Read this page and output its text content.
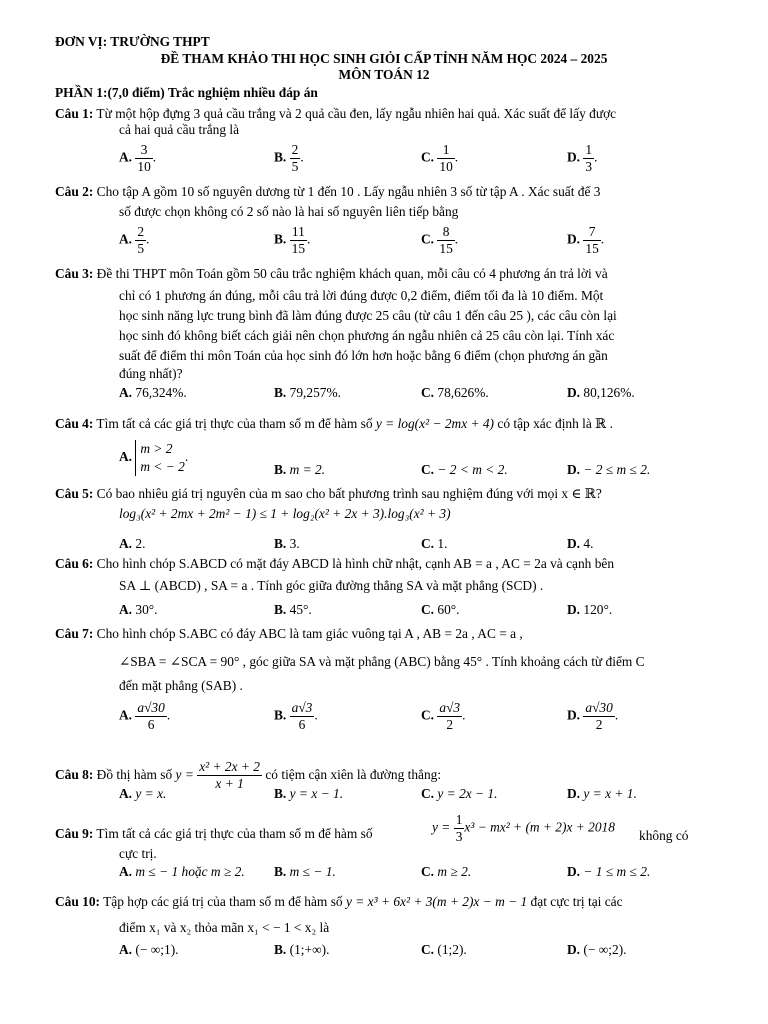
ĐƠN VỊ: TRƯỜNG THPT
ĐỀ THAM KHẢO THI HỌC SINH GIỎI CẤP TỈNH NĂM HỌC 2024 – 2025
MÔN TOÁN 12
PHẦN 1:(7,0 điểm) Trắc nghiệm nhiều đáp án
Câu 1: Từ một hộp đựng 3 quả cầu trắng và 2 quả cầu đen, lấy ngẫu nhiên hai quả. Xác suất để lấy được
cả hai quả cầu trắng là
A. $\frac{3}{10}$ .	B. $\frac{2}{5}$ .	C. $\frac{1}{10}$ .	D. $\frac{1}{3}$ .
Câu 2: Cho tập A gồm 10 số nguyên dương từ 1 đến 10 . Lấy ngẫu nhiên 3 số từ tập A . Xác suất để 3
số được chọn không có 2 số nào là hai số nguyên liên tiếp bằng
A. $\frac{2}{5}$ .	B. $\frac{11}{15}$ .	C. $\frac{8}{15}$ .	D. $\frac{7}{15}$ .
Câu 3: Đề thi THPT môn Toán gồm 50 câu trắc nghiệm khách quan, mỗi câu có 4 phương án trả lời và
chỉ có 1 phương án đúng, mỗi câu trả lời đúng được 0,2 điểm, điểm tối đa là 10 điểm. Một
học sinh năng lực trung bình đã làm đúng được 25 câu (từ câu 1 đến câu 25 ), các câu còn lại
học sinh đó không biết cách giải nên chọn phương án ngẫu nhiên cả 25 câu còn lại. Tính xác
suất để điểm thi môn Toán của học sinh đó lớn hơn hoặc bằng 6 điểm (chọn phương án gần
đúng nhất)?
A. 76,324%.	B. 79,257%.	C. 78,626%.	D. 80,126%.
Câu 4: Tìm tất cả các giá trị thực của tham số m để hàm số y = log(x² − 2mx + 4) có tập xác định là ℝ .
A.
m > 2
m < − 2
.
B. m = 2.	C. − 2 < m < 2.	D. − 2 ≤ m ≤ 2.
Câu 5: Có bao nhiêu giá trị nguyên của m sao cho bất phương trình sau nghiệm đúng với mọi x ∈ ℝ?
log₃(x² + 2mx + 2m² − 1) ≤ 1 + log₂(x² + 2x + 3).log₃(x² + 3)
A. 2.	B. 3.	C. 1.	D. 4.
Câu 6: Cho hình chóp S.ABCD có mặt đáy ABCD là hình chữ nhật, cạnh AB = a , AC = 2a và cạnh bên
SA ⊥ (ABCD) , SA = a . Tính góc giữa đường thẳng SA và mặt phẳng (SCD) .
A. 30°.	B. 45°.	C. 60°.	D. 120°.
Câu 7: Cho hình chóp S.ABC có đáy ABC là tam giác vuông tại A , AB = 2a , AC = a ,
∠SBA = ∠SCA = 90° , góc giữa SA và mặt phẳng (ABC) bằng 45° . Tính khoảng cách từ điểm C
đến mặt phẳng (SAB) .
A. $\frac{a√30}{6}$ .	B. $\frac{a√3}{6}$ .	C. $\frac{a√3}{2}$ .	D. $\frac{a√30}{2}$ .
Câu 8: Đồ thị hàm số $y = \frac{\text{x² + 2x + 2}}{x + 1}$ có tiệm cận xiên là đường thẳng:
A. y = x.	B. y = x − 1.	C. y = 2x − 1.	D. y = x + 1.
Câu 9: Tìm tất cả các giá trị thực của tham số m để hàm số	$y = \frac{1}{3} x^3 - mx^2 + (m + 2)x + 2018$
không có
cực trị.
A. m ≤ − 1 hoặc m ≥ 2. B. m ≤ − 1.	C. m ≥ 2.	D. − 1 ≤ m ≤ 2.
Câu 10: Tập hợp các giá trị của tham số m để hàm số y = x³ + 6x² + 3(m + 2)x − m − 1 đạt cực trị tại các
điểm x₁ và x₂ thỏa mãn x₁ < − 1 < x₂ là
A. (− ∞;1).	B. (1;+∞).	C. (1;2).	D. (− ∞;2).
